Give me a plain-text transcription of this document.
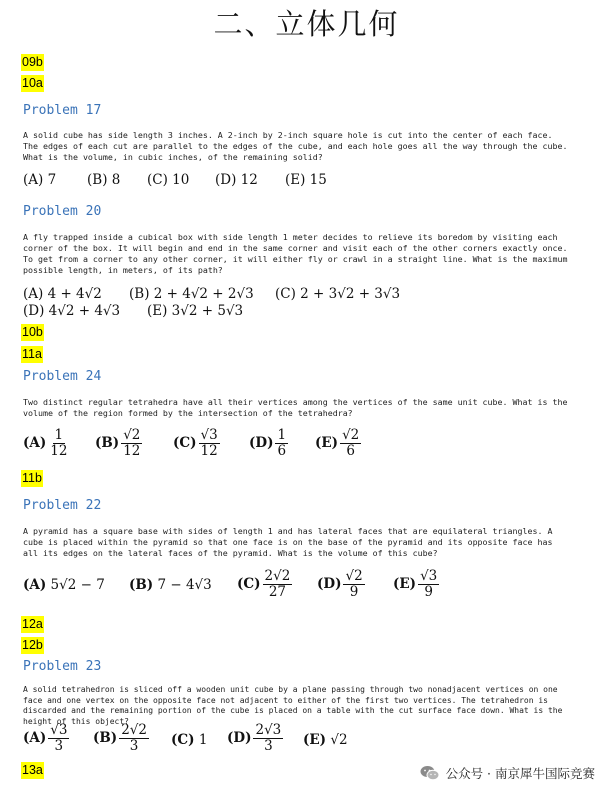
二、立体几何
09b
10a
Problem 17
A solid cube has side length 3 inches. A 2-inch by 2-inch square hole is cut into the center of each face. The edges of each cut are parallel to the edges of the cube, and each hole goes all the way through the cube. What is the volume, in cubic inches, of the remaining solid?
(A) 7 (B) 8 (C) 10 (D) 12 (E) 15
Problem 20
A fly trapped inside a cubical box with side length 1 meter decides to relieve its boredom by visiting each corner of the box. It will begin and end in the same corner and visit each of the other corners exactly once. To get from a corner to any other corner, it will either fly or crawl in a straight line. What is the maximum possible length, in meters, of its path?
(A) 4 + 4√2 (B) 2 + 4√2 + 2√3 (C) 2 + 3√2 + 3√3
(D) 4√2 + 4√3 (E) 3√2 + 5√3
10b
11a
Problem 24
Two distinct regular tetrahedra have all their vertices among the vertices of the same unit cube. What is the volume of the region formed by the intersection of the tetrahedra?
$(A) \frac{1}{12} (B) \frac{√2}{12} (C) \frac{√3}{12} (D) \frac{1}{6} (E) \frac{√2}{6}$
11b
Problem 22
A pyramid has a square base with sides of length 1 and has lateral faces that are equilateral triangles. A cube is placed within the pyramid so that one face is on the base of the pyramid and its opposite face has all its edges on the lateral faces of the pyramid. What is the volume of this cube?
(A) 5√2 − 7 (B) 7 − 4√3 $(C) \frac{2√2}{27} (D) \frac{√2}{9} (E) \frac{√3}{9}$
12a
12b
Problem 23
A solid tetrahedron is sliced off a wooden unit cube by a plane passing through two nonadjacent vertices on one face and one vertex on the opposite face not adjacent to either of the first two vertices. The tetrahedron is discarded and the remaining portion of the cube is placed on a table with the cut surface face down. What is the height of this object?
$(A) \frac{√3}{3} (B) \frac{2√2}{3} (C)$ 1 $(D) \frac{2√3}{3} (E)$ √2
13a	公众号 · 南京犀牛国际竞赛
